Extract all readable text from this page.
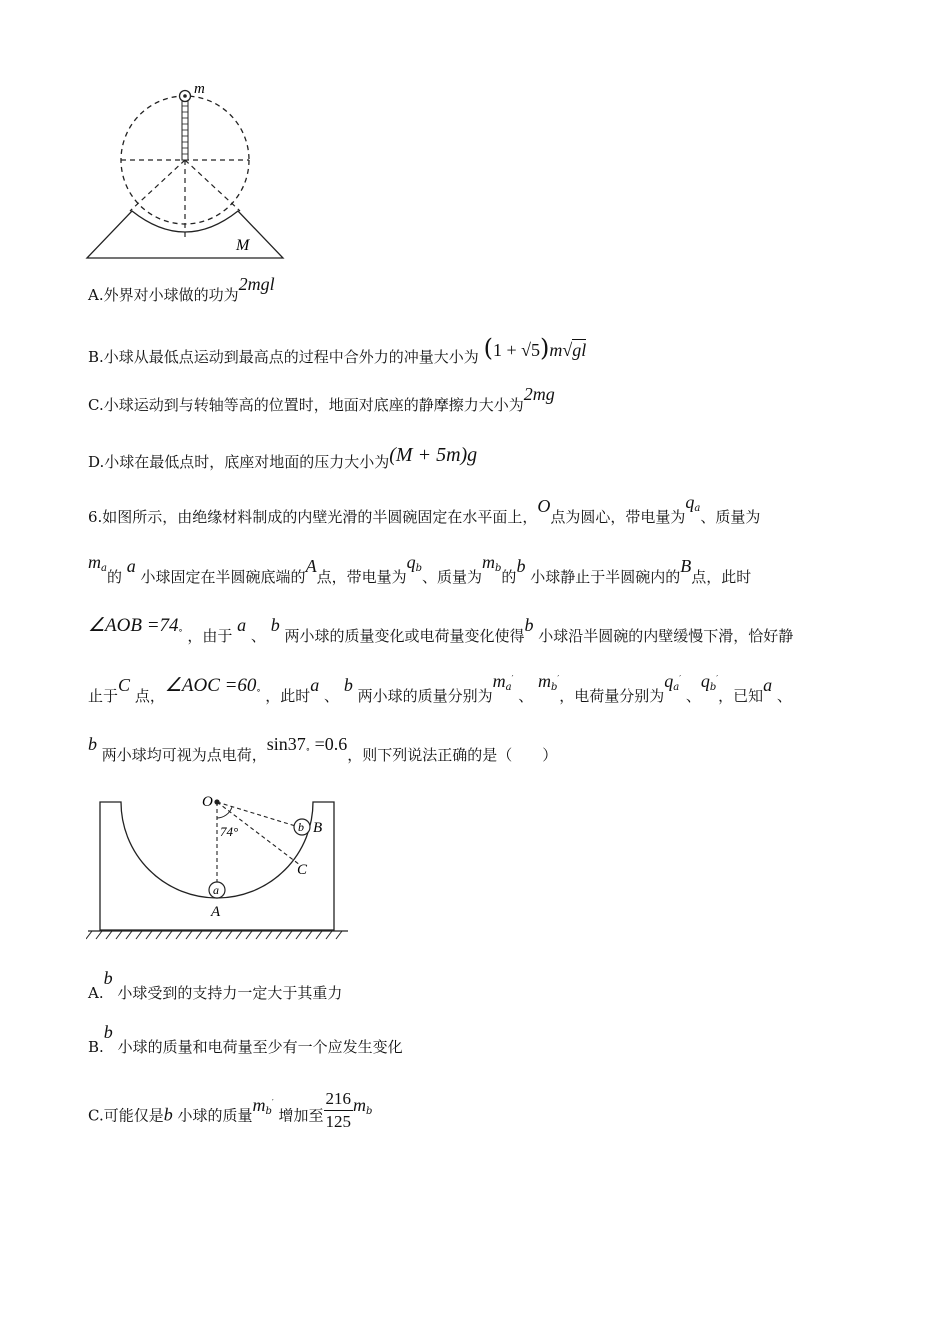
m
M
A.外界对小球做的功为2mgl
B.小球从最低点运动到最高点的过程中合外力的冲量大小为 (1 + √5)m√gl
C.小球运动到与转轴等高的位置时，地面对底座的静摩擦力大小为2mg
D.小球在最低点时，底座对地面的压力大小为(M + 5m)g
6.如图所示，由绝缘材料制成的内壁光滑的半圆碗固定在水平面上，O点为圆心，带电量为$q_a$、质量为
$m_a$的 a 小球固定在半圆碗底端的A点，带电量为$q_b$、质量为$m_b$的b 小球静止于半圆碗内的B点，此时
∠AOB =74° ，由于 a 、 b 两小球的质量变化或电荷量变化使得b 小球沿半圆碗的内壁缓慢下滑，恰好静
止于C 点，∠AOC =60° ，此时a 、 b 两小球的质量分别为$m_a'$ 、 $m_b'$，电荷量分别为$q_a'$ 、$q_b'$，已知a 、
b 两小球均可视为点电荷，sin37° =0.6，则下列说法正确的是（　　）
O
74°	B
C
A
a
b
A.b 小球受到的支持力一定大于其重力
B.b 小球的质量和电荷量至少有一个应发生变化
C.可能仅是b 小球的质量$m_b'$ 增加至 $\frac{216}{125} m_b$
